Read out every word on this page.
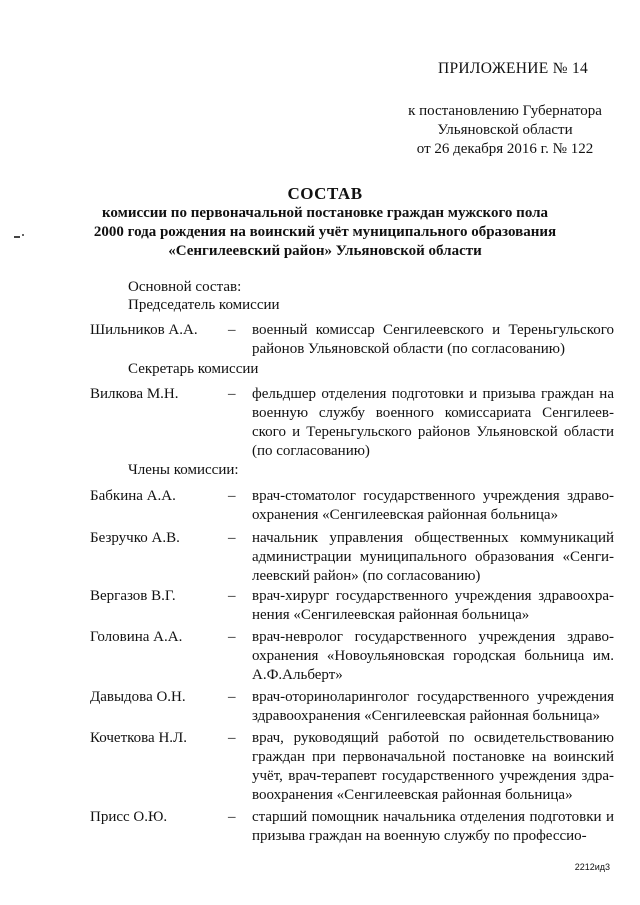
ПРИЛОЖЕНИЕ № 14
к постановлению Губернатора
Ульяновской области
от 26 декабря 2016 г. № 122
СОСТАВ
комиссии по первоначальной постановке граждан мужского пола
2000 года рождения на воинский учёт муниципального образования
«Сенгилеевский район» Ульяновской области
Основной состав:
Председатель комиссии
Шильников А.А. – военный комиссар Сенгилеевского и Тереньгульского районов Ульяновской области (по согласованию)
Секретарь комиссии
Вилкова М.Н.	– фельдшер отделения подготовки и призыва граждан на военную службу военного комиссариата Сенгилеевского и Тереньгульского районов Ульяновской области (по согласованию)
Члены комиссии:
Бабкина А.А.	– врач-стоматолог государственного учреждения здравоохранения «Сенгилеевская районная больница»
Безручко А.В.	– начальник управления общественных коммуникаций администрации муниципального образования «Сенгилеевский район» (по согласованию)
Вергазов В.Г.	– врач-хирург государственного учреждения здравоохранения «Сенгилеевская районная больница»
Головина А.А.	– врач-невролог государственного учреждения здравоохранения «Новоульяновская городская больница им. А.Ф.Альберт»
Давыдова О.Н.	– врач-оториноларинголог государственного учреждения здравоохранения «Сенгилеевская районная больница»
Кочеткова Н.Л.	– врач, руководящий работой по освидетельствованию граждан при первоначальной постановке на воинский учёт, врач-терапевт государственного учреждения здравоохранения «Сенгилеевская районная больница»
Присс О.Ю.	– старший помощник начальника отделения подготовки и призыва граждан на военную службу по профессио-
2212ид3
